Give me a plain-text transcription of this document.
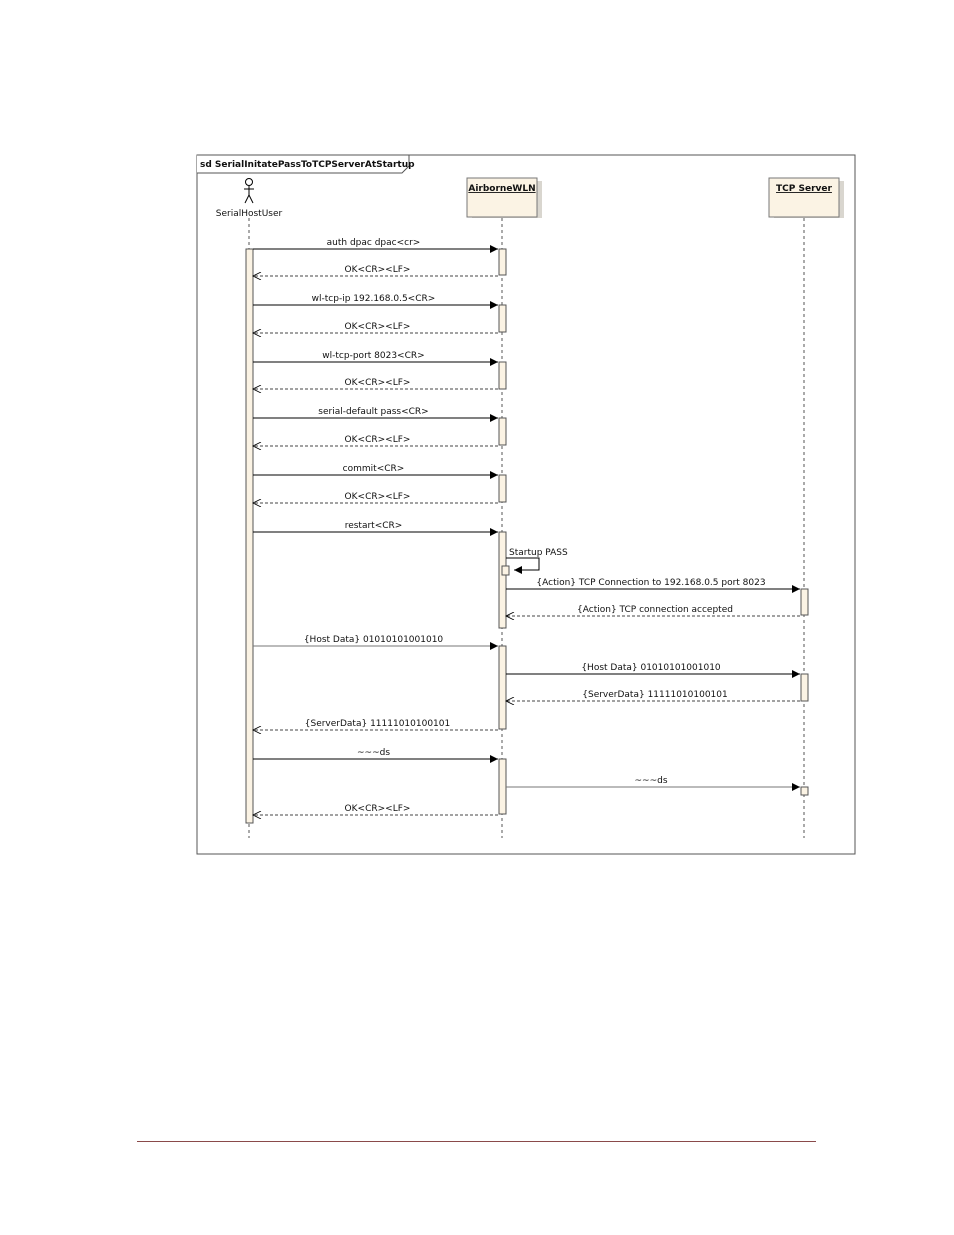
sd SerialInitatePassToTCPServerAtStartup
SerialHostUser
AirborneWLN	TCP Server
auth dpac dpac<cr>
OK<CR><LF>
wl-tcp-ip 192.168.0.5<CR>
OK<CR><LF>
wl-tcp-port 8023<CR>
OK<CR><LF>
serial-default pass<CR>
OK<CR><LF>
commit<CR>
OK<CR><LF>
restart<CR>
Startup PASS
{Action} TCP Connection to 192.168.0.5 port 8023
{Action} TCP connection accepted
{Host Data} 01010101001010
{Host Data} 01010101001010
{ServerData} 11111010100101
{ServerData} 11111010100101
~~~ds
~~~ds
OK<CR><LF>
